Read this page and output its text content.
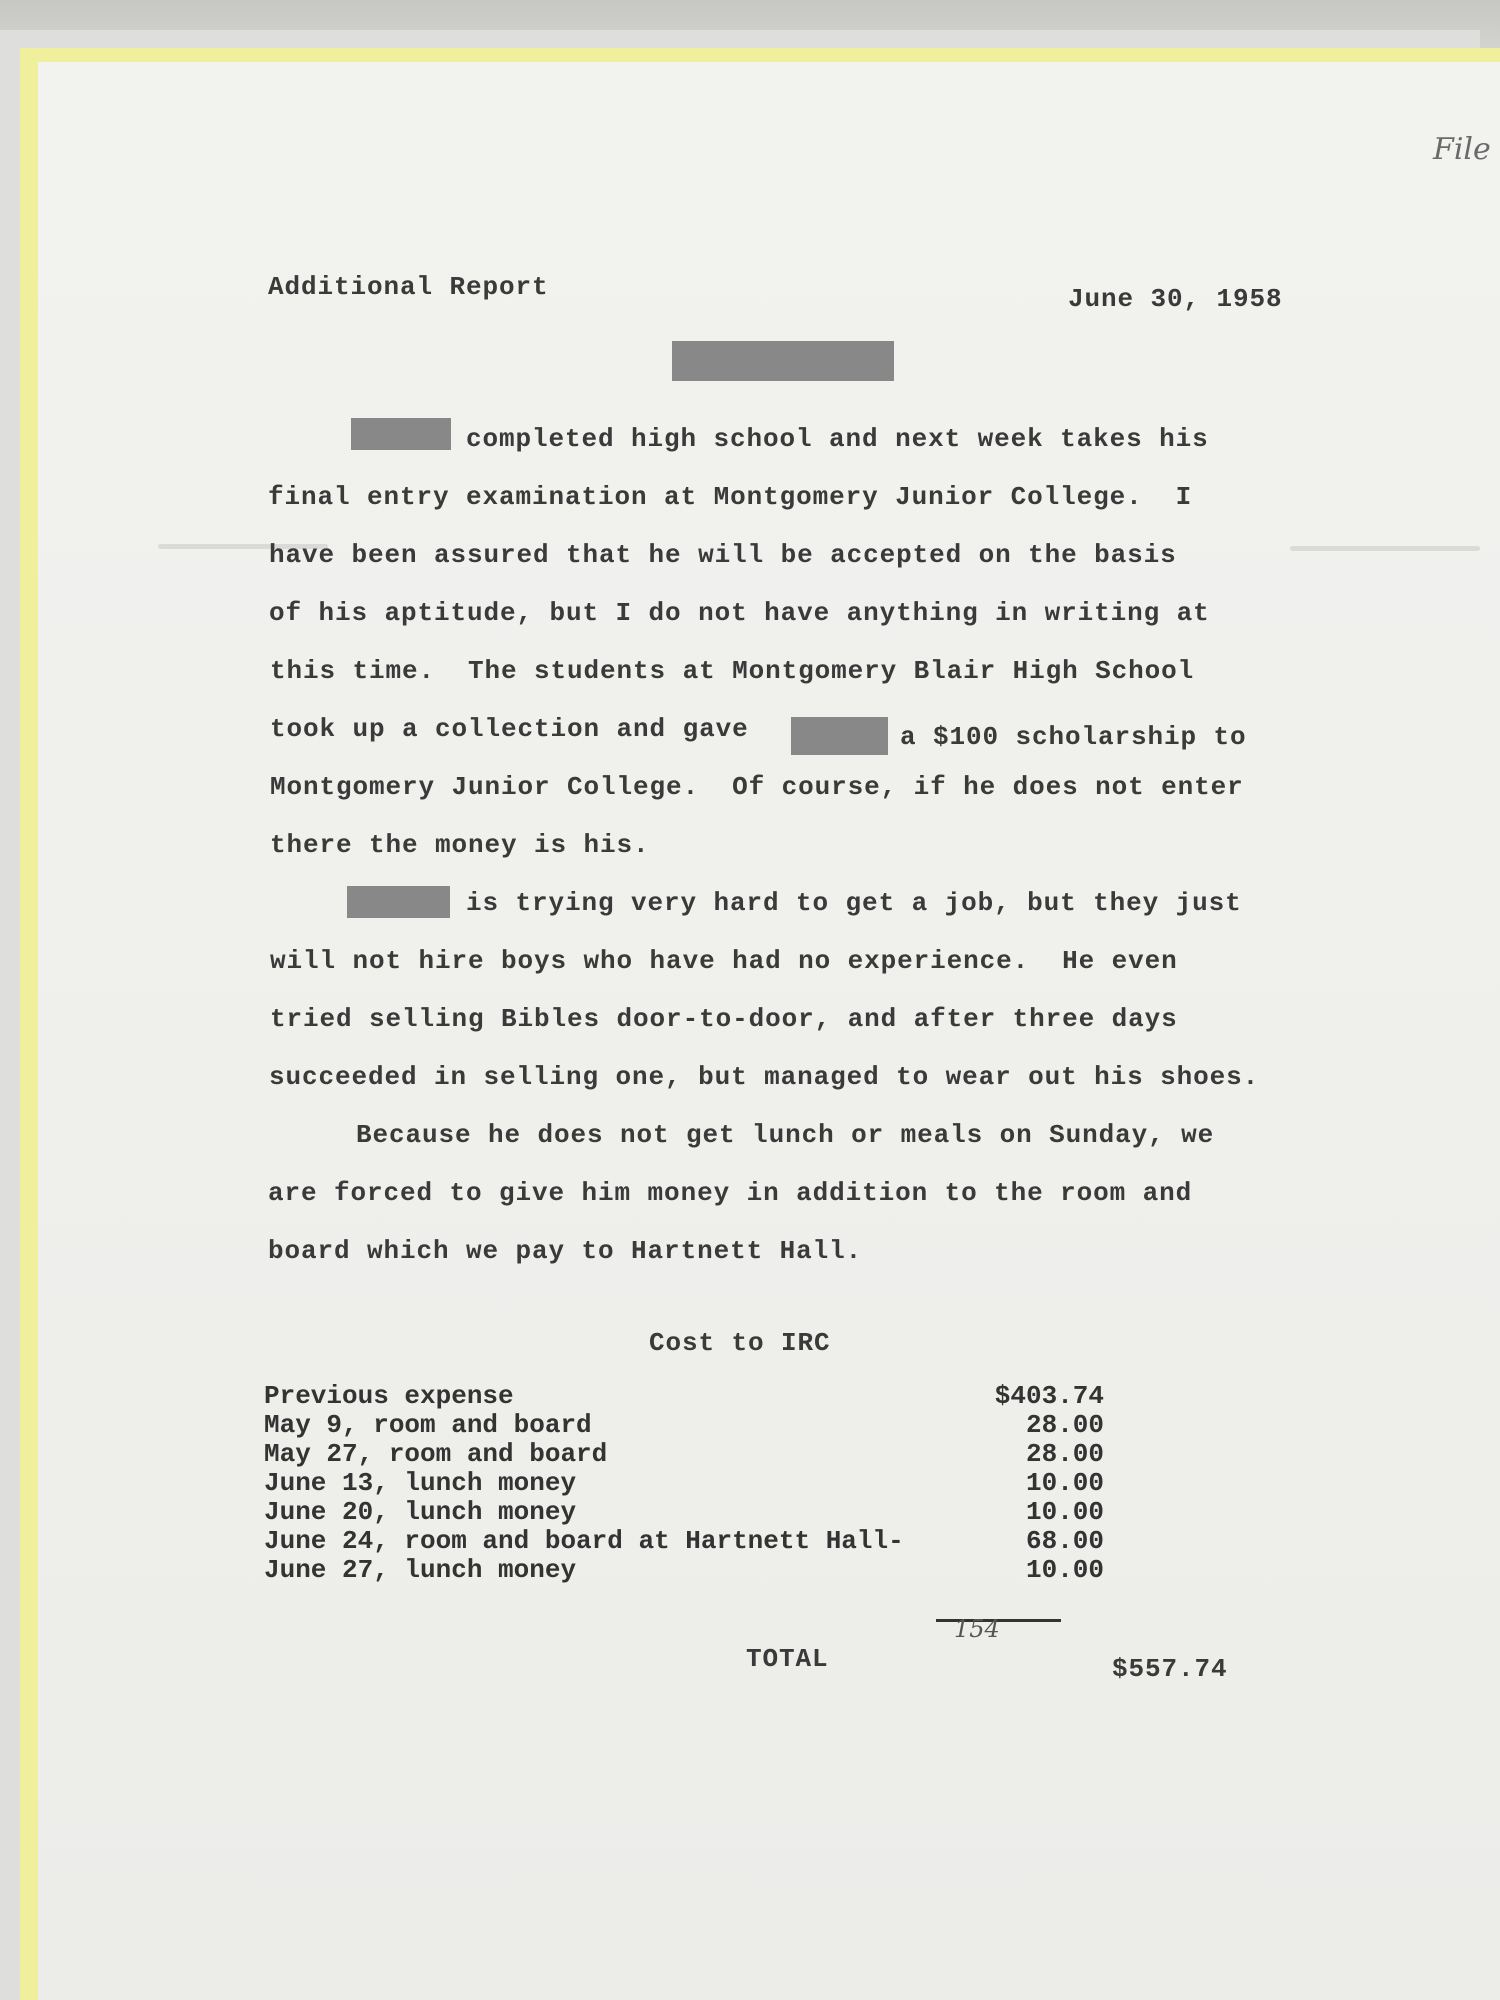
File

Additional Report	June 30, 1958

completed high school and next week takes his

final entry examination at Montgomery Junior College.  I

have been assured that he will be accepted on the basis

of his aptitude, but I do not have anything in writing at

this time.  The students at Montgomery Blair High School

took up a collection and gave	a $100 scholarship to

Montgomery Junior College.  Of course, if he does not enter

there the money is his.

is trying very hard to get a job, but they just

will not hire boys who have had no experience.  He even

tried selling Bibles door-to-door, and after three days

succeeded in selling one, but managed to wear out his shoes.

Because he does not get lunch or meals on Sunday, we

are forced to give him money in addition to the room and

board which we pay to Hartnett Hall.

Cost to IRC

Previous expense	$403.74
May 9, room and board	28.00
May 27, room and board	28.00
June 13, lunch money	10.00
June 20, lunch money	10.00
June 24, room and board at Hartnett Hall-	68.00
June 27, lunch money	10.00
154

TOTAL	$557.74
